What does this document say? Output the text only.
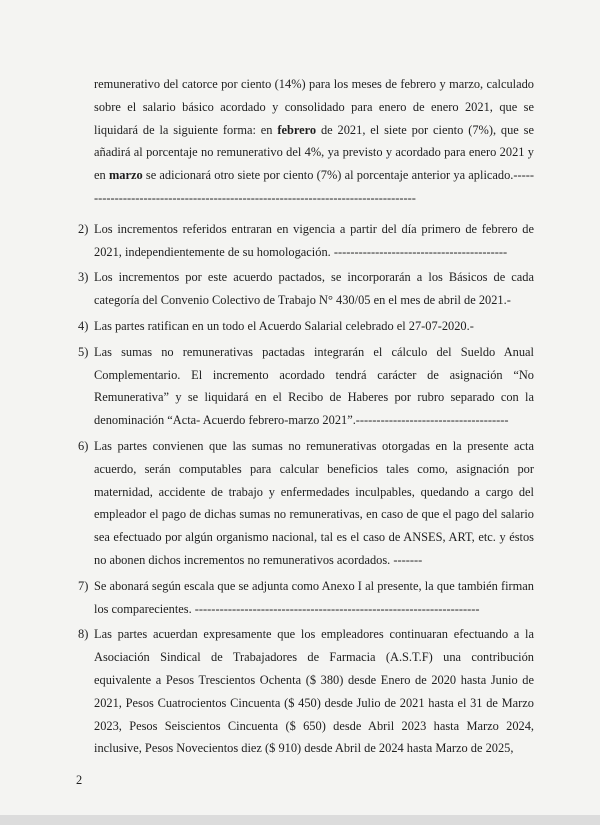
remunerativo del catorce por ciento (14%) para los meses de febrero y marzo, calculado sobre el salario básico acordado y consolidado para enero de enero 2021, que se liquidará de la siguiente forma: en febrero de 2021, el siete por ciento (7%), que se añadirá al porcentaje no remunerativo del 4%, ya previsto y acordado para enero 2021 y en marzo se adicionará otro siete por ciento (7%) al porcentaje anterior ya aplicado.-----------------------------------------------------------------------------------

2) Los incrementos referidos entraran en vigencia a partir del día primero de febrero de 2021, independientemente de su homologación. ------------------------------------------
3) Los incrementos por este acuerdo pactados, se incorporarán a los Básicos de cada categoría del Convenio Colectivo de Trabajo N° 430/05 en el mes de abril de 2021.-
4) Las partes ratifican en un todo el Acuerdo Salarial celebrado el 27-07-2020.-
5) Las sumas no remunerativas pactadas integrarán el cálculo del Sueldo Anual Complementario. El incremento acordado tendrá carácter de asignación “No Remunerativa” y se liquidará en el Recibo de Haberes por rubro separado con la denominación “Acta- Acuerdo febrero-marzo 2021”.-------------------------------------
6) Las partes convienen que las sumas no remunerativas otorgadas en la presente acta acuerdo, serán computables para calcular beneficios tales como, asignación por maternidad, accidente de trabajo y enfermedades inculpables, quedando a cargo del empleador el pago de dichas sumas no remunerativas, en caso de que el pago del salario sea efectuado por algún organismo nacional, tal es el caso de ANSES, ART, etc. y éstos no abonen dichos incrementos no remunerativos acordados. -------
7) Se abonará según escala que se adjunta como Anexo I al presente, la que también firman los comparecientes. ---------------------------------------------------------------------
8) Las partes acuerdan expresamente que los empleadores continuaran efectuando a la Asociación Sindical de Trabajadores de Farmacia (A.S.T.F) una contribución equivalente a Pesos Trescientos Ochenta ($ 380) desde Enero de 2020 hasta Junio de 2021, Pesos Cuatrocientos Cincuenta ($ 450) desde Julio de 2021 hasta el 31 de Marzo 2023, Pesos Seiscientos Cincuenta ($ 650) desde Abril 2023 hasta Marzo 2024, inclusive, Pesos Novecientos diez ($ 910) desde Abril de 2024 hasta Marzo de 2025,
2
